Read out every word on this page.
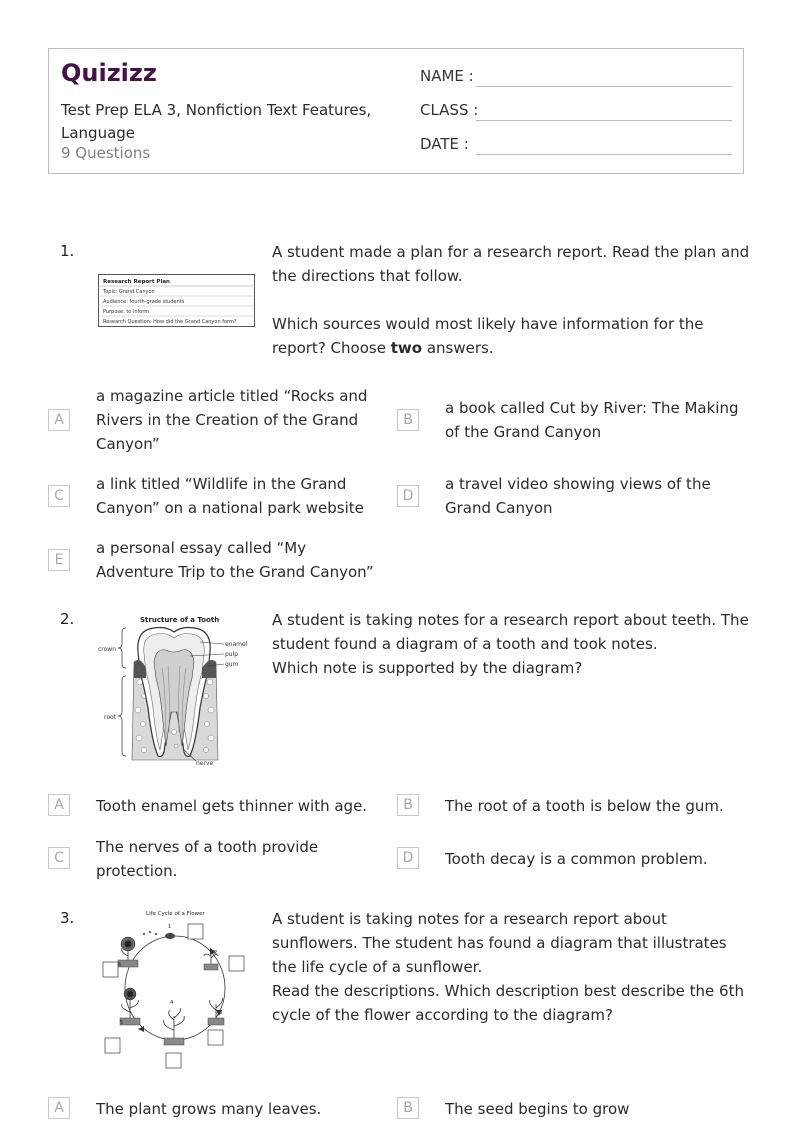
Quizizz
Test Prep ELA 3, Nonfiction Text Features, Language
9 Questions
NAME :
CLASS :
DATE :
1.
Research Report Plan
Topic: Grand Canyon
Audience: fourth-grade students
Purpose: to inform
Research Question: How did the Grand Canyon form?
A student made a plan for a research report. Read the plan and the directions that follow.
Which sources would most likely have information for the report? Choose two answers.
A
a magazine article titled “Rocks and Rivers in the Creation of the Grand Canyon”
B
a book called Cut by River: The Making of the Grand Canyon
C
a link titled “Wildlife in the Grand Canyon” on a national park website
D
a travel video showing views of the Grand Canyon
E
a personal essay called “My Adventure Trip to the Grand Canyon”
2.	Structure of a Tooth
crown
root
enamel
pulp
gum
nerve
A student is taking notes for a research report about teeth. The student found a diagram of a tooth and took notes.
Which note is supported by the diagram?
A	Tooth enamel gets thinner with age.	B	The root of a tooth is below the gum.
C
The nerves of a tooth provide protection.
D	Tooth decay is a common problem.
3.	Life Cycle of a Flower
1
2
3
4
5
6
A student is taking notes for a research report about sunflowers. The student has found a diagram that illustrates the life cycle of a sunflower.
Read the descriptions. Which description best describe the 6th cycle of the flower according to the diagram?
A	The plant grows many leaves.	B	The seed begins to grow
